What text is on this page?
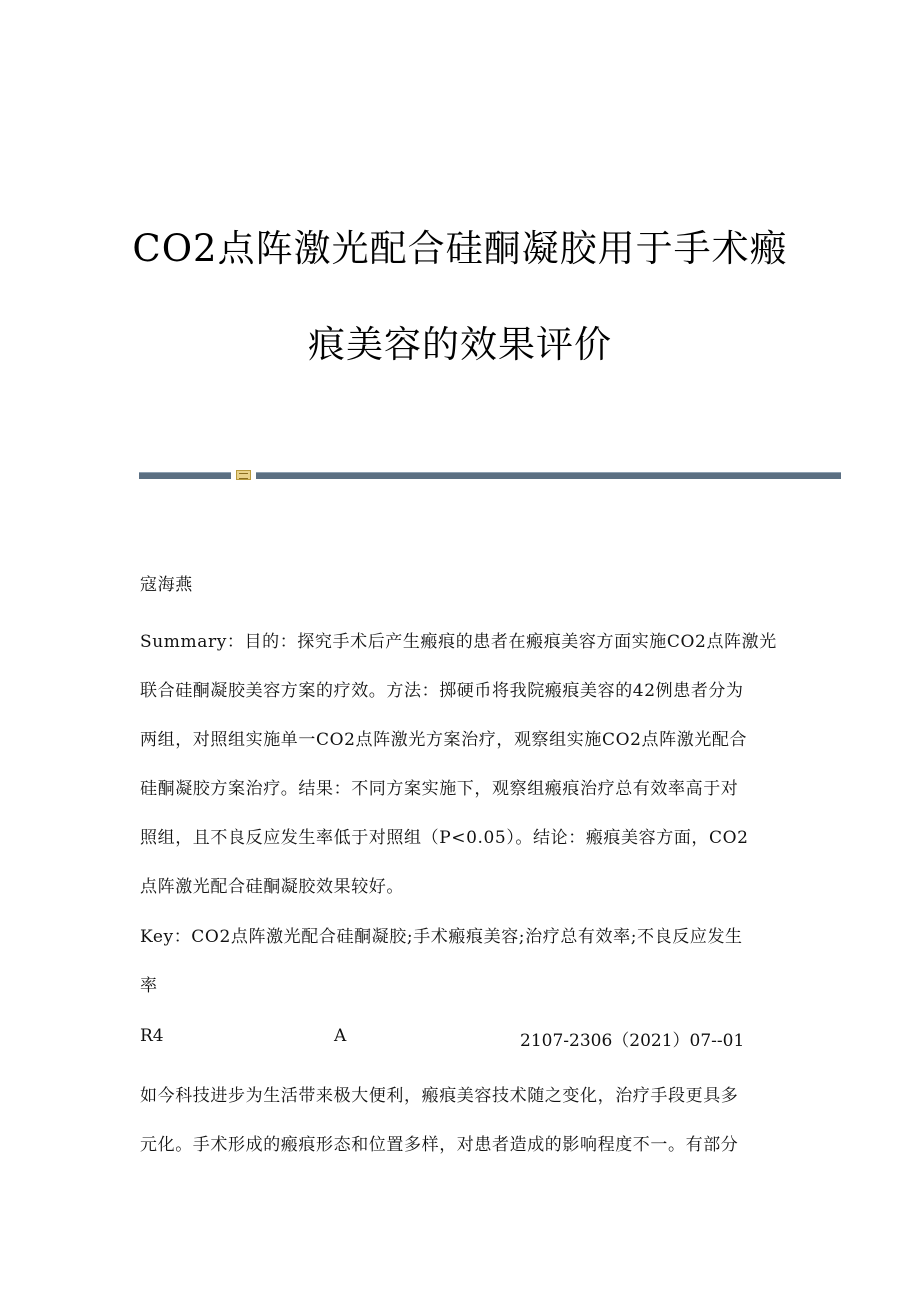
CO2点阵激光配合硅酮凝胶用于手术瘢
痕美容的效果评价
寇海燕
Summary：目的：探究手术后产生瘢痕的患者在瘢痕美容方面实施CO2点阵激光
联合硅酮凝胶美容方案的疗效。方法：掷硬币将我院瘢痕美容的42例患者分为
两组，对照组实施单一CO2点阵激光方案治疗，观察组实施CO2点阵激光配合
硅酮凝胶方案治疗。结果：不同方案实施下，观察组瘢痕治疗总有效率高于对
照组，且不良反应发生率低于对照组（P<0.05）。结论：瘢痕美容方面，CO2
点阵激光配合硅酮凝胶效果较好。
Key：CO2点阵激光配合硅酮凝胶;手术瘢痕美容;治疗总有效率;不良反应发生
率
R4	A	2107-2306（2021）07--01
如今科技进步为生活带来极大便利，瘢痕美容技术随之变化，治疗手段更具多
元化。手术形成的瘢痕形态和位置多样，对患者造成的影响程度不一。有部分
